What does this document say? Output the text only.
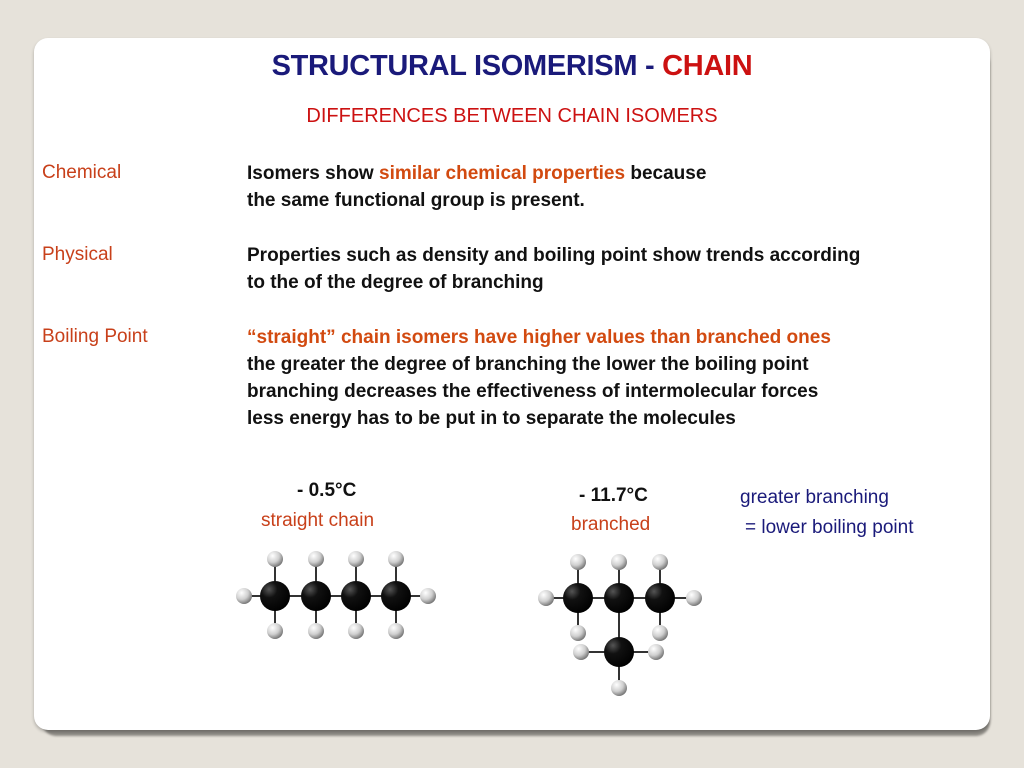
STRUCTURAL ISOMERISM - CHAIN
DIFFERENCES BETWEEN CHAIN ISOMERS
Chemical	Isomers show similar chemical properties because
the same functional group is present.
Physical	Properties such as density and boiling point show trends according
to the of the degree of branching
Boiling Point	“straight” chain isomers have higher values than branched ones
the greater the degree of branching the lower the boiling point
branching decreases the effectiveness of intermolecular forces
less energy has to be put in to separate the molecules
- 0.5°C
straight chain
- 11.7°C
branched
greater branching
= lower boiling point
